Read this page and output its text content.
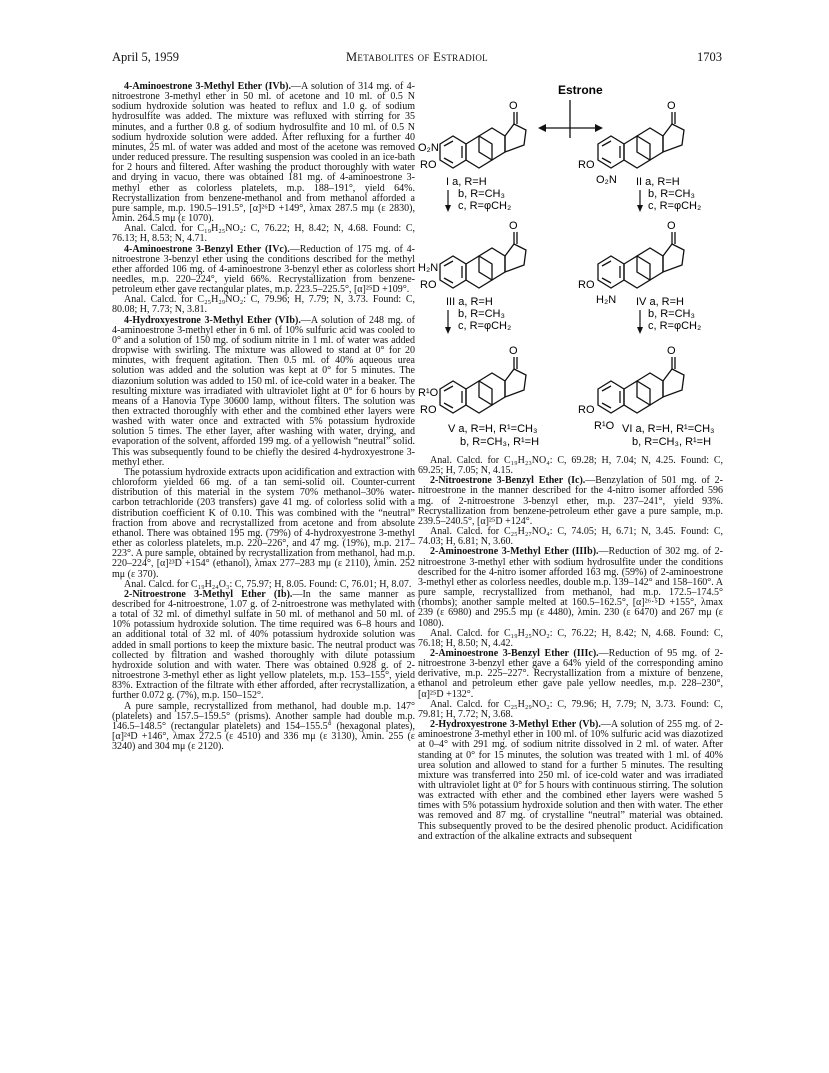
April 5, 1959	Metabolites of Estradiol	1703

4-Aminoestrone 3-Methyl Ether (IVb).—A solution of 314 mg. of 4-nitroestrone 3-methyl ether in 50 ml. of acetone and 10 ml. of 0.5 N sodium hydroxide solution was heated to reflux and 1.0 g. of sodium hydrosulfite was added. The mixture was refluxed with stirring for 35 minutes, and a further 0.8 g. of sodium hydrosulfite and 10 ml. of 0.5 N sodium hydroxide solution were added. After refluxing for a further 40 minutes, 25 ml. of water was added and most of the acetone was removed under reduced pressure. The resulting suspension was cooled in an ice-bath for 2 hours and filtered. After washing the product thoroughly with water and drying in vacuo, there was obtained 181 mg. of 4-aminoestrone 3-methyl ether as colorless platelets, m.p. 188–191°, yield 64%. Recrystallization from benzene-methanol and from methanol afforded a pure sample, m.p. 190.5–191.5°, [α]²⁶D +149°, λmax 287.5 mμ (ε 2830), λmin. 264.5 mμ (ε 1070).

Anal. Calcd. for C₁₉H₂₅NO₂: C, 76.22; H, 8.42; N, 4.68. Found: C, 76.13; H, 8.53; N, 4.71.

4-Aminoestrone 3-Benzyl Ether (IVc).—Reduction of 175 mg. of 4-nitroestrone 3-benzyl ether using the conditions described for the methyl ether afforded 106 mg. of 4-aminoestrone 3-benzyl ether as colorless short needles, m.p. 220–224°, yield 66%. Recrystallization from benzene-petroleum ether gave rectangular plates, m.p. 223.5–225.5°, [α]²⁵D +109°.

Anal. Calcd. for C₂₅H₂₉NO₂: C, 79.96; H, 7.79; N, 3.73. Found: C, 80.08; H, 7.73; N, 3.81.

4-Hydroxyestrone 3-Methyl Ether (VIb).—A solution of 248 mg. of 4-aminoestrone 3-methyl ether in 6 ml. of 10% sulfuric acid was cooled to 0° and a solution of 150 mg. of sodium nitrite in 1 ml. of water was added dropwise with swirling. The mixture was allowed to stand at 0° for 20 minutes, with frequent agitation. Then 0.5 ml. of 40% aqueous urea solution was added and the solution was kept at 0° for 5 minutes. The diazonium solution was added to 150 ml. of ice-cold water in a beaker. The resulting mixture was irradiated with ultraviolet light at 0° for 6 hours by means of a Hanovia Type 30600 lamp, without filters. The solution was then extracted thoroughly with ether and the combined ether layers were washed with water once and extracted with 5% potassium hydroxide solution 5 times. The ether layer, after washing with water, drying, and evaporation of the solvent, afforded 199 mg. of a yellowish “neutral” solid. This was subsequently found to be chiefly the desired 4-hydroxyestrone 3-methyl ether.

The potassium hydroxide extracts upon acidification and extraction with chloroform yielded 66 mg. of a tan semi-solid oil. Counter-current distribution of this material in the system 70% methanol–30% water-carbon tetrachloride (203 transfers) gave 41 mg. of colorless solid with a distribution coefficient K of 0.10. This was combined with the “neutral” fraction from above and recrystallized from acetone and from absolute ethanol. There was obtained 195 mg. (79%) of 4-hydroxyestrone 3-methyl ether as colorless platelets, m.p. 220–226°, and 47 mg. (19%), m.p. 217–223°. A pure sample, obtained by recrystallization from methanol, had m.p. 220–224°, [α]²³D +154° (ethanol), λmax 277–283 mμ (ε 2110), λmin. 252 mμ (ε 370).

Anal. Calcd. for C₁₉H₂₄O₃: C, 75.97; H, 8.05. Found: C, 76.01; H, 8.07.

2-Nitroestrone 3-Methyl Ether (Ib).—In the same manner as described for 4-nitroestrone, 1.07 g. of 2-nitroestrone was methylated with a total of 32 ml. of dimethyl sulfate in 50 ml. of methanol and 50 ml. of 10% potassium hydroxide solution. The time required was 6–8 hours and an additional total of 32 ml. of 40% potassium hydroxide solution was added in small portions to keep the mixture basic. The neutral product was collected by filtration and washed thoroughly with dilute potassium hydroxide solution and with water. There was obtained 0.928 g. of 2-nitroestrone 3-methyl ether as light yellow platelets, m.p. 153–155°, yield 83%. Extraction of the filtrate with ether afforded, after recrystallization, a further 0.072 g. (7%), m.p. 150–152°.

A pure sample, recrystallized from methanol, had double m.p. 147° (platelets) and 157.5–159.5° (prisms). Another sample had double m.p. 146.5–148.5° (rectangular platelets) and 154–155.5° (hexagonal plates), [α]²⁴D +146°, λmax 272.5 (ε 4510) and 336 mμ (ε 3130), λmin. 255 (ε 3240) and 304 mμ (ε 2120).

Estrone
O
O₂N
RO
I a, R=H
b, R=CH₃
c, R=φCH₂
O
RO
O₂N II a, R=H
b, R=CH₃
c, R=φCH₂
O
H₂N
RO
III a, R=H
b, R=CH₃
c, R=φCH₂
O
RO
H₂N IV a, R=H
b, R=CH₃
c, R=φCH₂
O
R¹O
RO
V a, R=H, R¹=CH₃
b, R=CH₃, R¹=H
O
RO
R¹O VI a, R=H, R¹=CH₃
b, R=CH₃, R¹=H

Anal. Calcd. for C₁₉H₂₃NO₄: C, 69.28; H, 7.04; N, 4.25. Found: C, 69.25; H, 7.05; N, 4.15.

2-Nitroestrone 3-Benzyl Ether (Ic).—Benzylation of 501 mg. of 2-nitroestrone in the manner described for the 4-nitro isomer afforded 596 mg. of 2-nitroestrone 3-benzyl ether, m.p. 237–241°, yield 93%. Recrystallization from benzene-petroleum ether gave a pure sample, m.p. 239.5–240.5°, [α]²⁵D +124°.

Anal. Calcd. for C₂₅H₂₇NO₄: C, 74.05; H, 6.71; N, 3.45. Found: C, 74.03; H, 6.81; N, 3.60.

2-Aminoestrone 3-Methyl Ether (IIIb).—Reduction of 302 mg. of 2-nitroestrone 3-methyl ether with sodium hydrosulfite under the conditions described for the 4-nitro isomer afforded 163 mg. (59%) of 2-aminoestrone 3-methyl ether as colorless needles, double m.p. 139–142° and 158–160°. A pure sample, recrystallized from methanol, had m.p. 172.5–174.5° (rhombs); another sample melted at 160.5–162.5°, [α]²⁶·⁵D +155°, λmax 239 (ε 6980) and 295.5 mμ (ε 4480), λmin. 230 (ε 6470) and 267 mμ (ε 1080).

Anal. Calcd. for C₁₉H₂₅NO₂: C, 76.22; H, 8.42; N, 4.68. Found: C, 76.18; H, 8.50; N, 4.42.

2-Aminoestrone 3-Benzyl Ether (IIIc).—Reduction of 95 mg. of 2-nitroestrone 3-benzyl ether gave a 64% yield of the corresponding amino derivative, m.p. 225–227°. Recrystallization from a mixture of benzene, ethanol and petroleum ether gave pale yellow needles, m.p. 228–230°, [α]²⁵D +132°.

Anal. Calcd. for C₂₅H₂₉NO₂: C, 79.96; H, 7.79; N, 3.73. Found: C, 79.81; H, 7.72; N, 3.68.

2-Hydroxyestrone 3-Methyl Ether (Vb).—A solution of 255 mg. of 2-aminoestrone 3-methyl ether in 100 ml. of 10% sulfuric acid was diazotized at 0–4° with 291 mg. of sodium nitrite dissolved in 2 ml. of water. After standing at 0° for 15 minutes, the solution was treated with 1 ml. of 40% urea solution and allowed to stand for a further 5 minutes. The resulting mixture was transferred into 250 ml. of ice-cold water and was irradiated with ultraviolet light at 0° for 5 hours with continuous stirring. The solution was extracted with ether and the combined ether layers were washed 5 times with 5% potassium hydroxide solution and then with water. The ether was removed and 87 mg. of crystalline “neutral” material was obtained. This subsequently proved to be the desired phenolic product. Acidification and extraction of the alkaline extracts and subsequent
